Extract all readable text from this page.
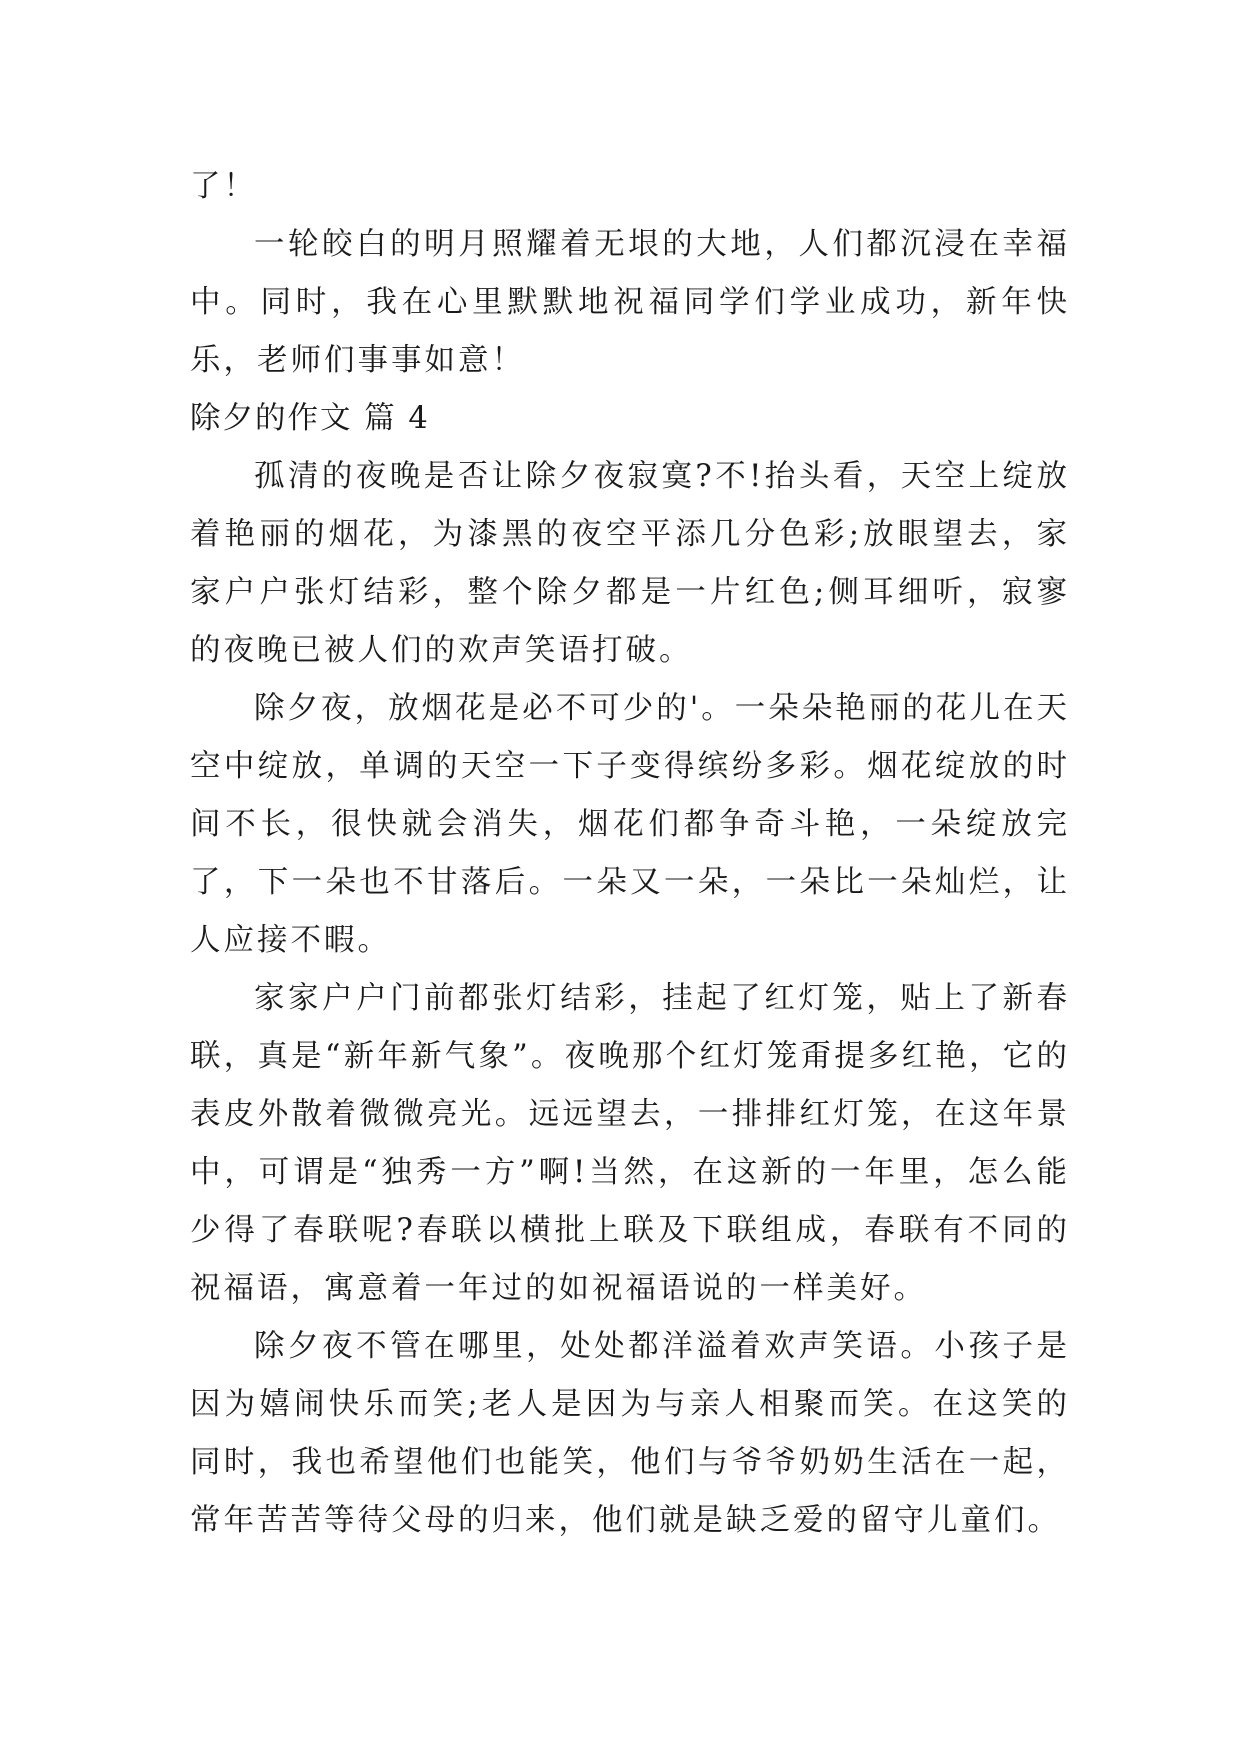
了！

一轮皎白的明月照耀着无垠的大地，人们都沉浸在幸福中。同时，我在心里默默地祝福同学们学业成功，新年快乐，老师们事事如意！

除夕的作文 篇 4

孤清的夜晚是否让除夕夜寂寞?不!抬头看，天空上绽放着艳丽的烟花，为漆黑的夜空平添几分色彩;放眼望去，家家户户张灯结彩，整个除夕都是一片红色;侧耳细听，寂寥的夜晚已被人们的欢声笑语打破。

除夕夜，放烟花是必不可少的'。一朵朵艳丽的花儿在天空中绽放，单调的天空一下子变得缤纷多彩。烟花绽放的时间不长，很快就会消失，烟花们都争奇斗艳，一朵绽放完了，下一朵也不甘落后。一朵又一朵，一朵比一朵灿烂，让人应接不暇。

家家户户门前都张灯结彩，挂起了红灯笼，贴上了新春联，真是“新年新气象”。夜晚那个红灯笼甭提多红艳，它的表皮外散着微微亮光。远远望去，一排排红灯笼，在这年景中，可谓是“独秀一方”啊!当然，在这新的一年里，怎么能少得了春联呢?春联以横批上联及下联组成，春联有不同的祝福语，寓意着一年过的如祝福语说的一样美好。

除夕夜不管在哪里，处处都洋溢着欢声笑语。小孩子是因为嬉闹快乐而笑;老人是因为与亲人相聚而笑。在这笑的同时，我也希望他们也能笑，他们与爷爷奶奶生活在一起，常年苦苦等待父母的归来，他们就是缺乏爱的留守儿童们。
